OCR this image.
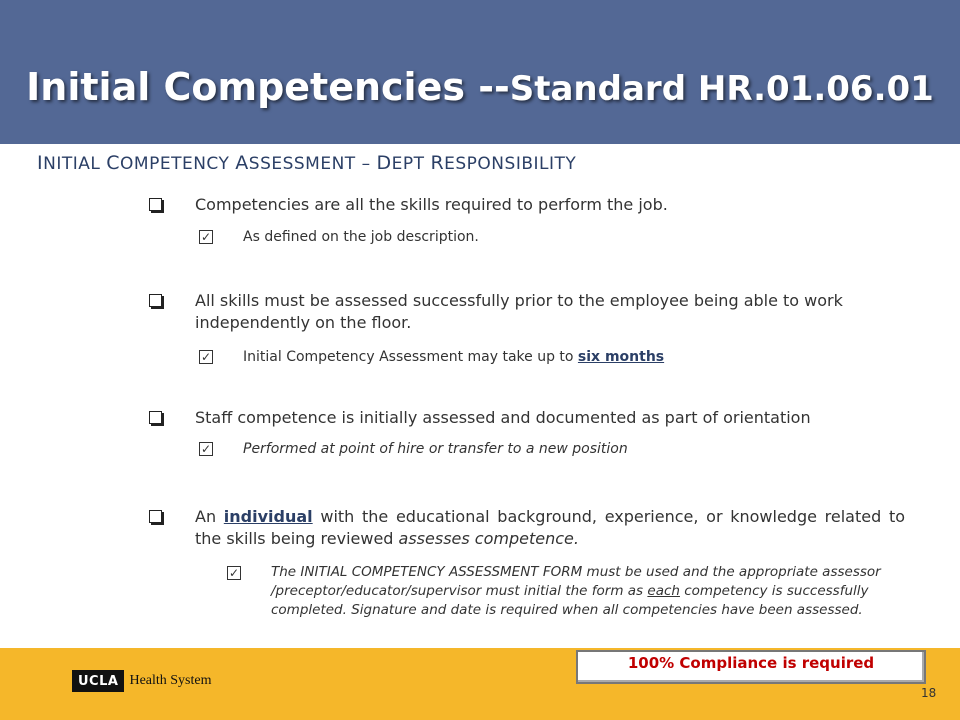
Initial Competencies --Standard HR.01.06.01
INITIAL COMPETENCY ASSESSMENT – DEPT RESPONSIBILITY
Competencies are all the skills required to perform the job.
✓ As defined on the job description.
All skills must be assessed successfully prior to the employee being able to work independently on the floor.
✓ Initial Competency Assessment may take up to six months
Staff competence is initially assessed and documented as part of orientation
✓ Performed at point of hire or transfer to a new position
An individual with the educational background, experience, or knowledge related to the skills being reviewed assesses competence.
✓ The INITIAL COMPETENCY ASSESSMENT FORM must be used and the appropriate assessor /preceptor/educator/supervisor must initial the form as each competency is successfully completed. Signature and date is required when all competencies have been assessed.
UCLA Health System
100% Compliance is required
18
